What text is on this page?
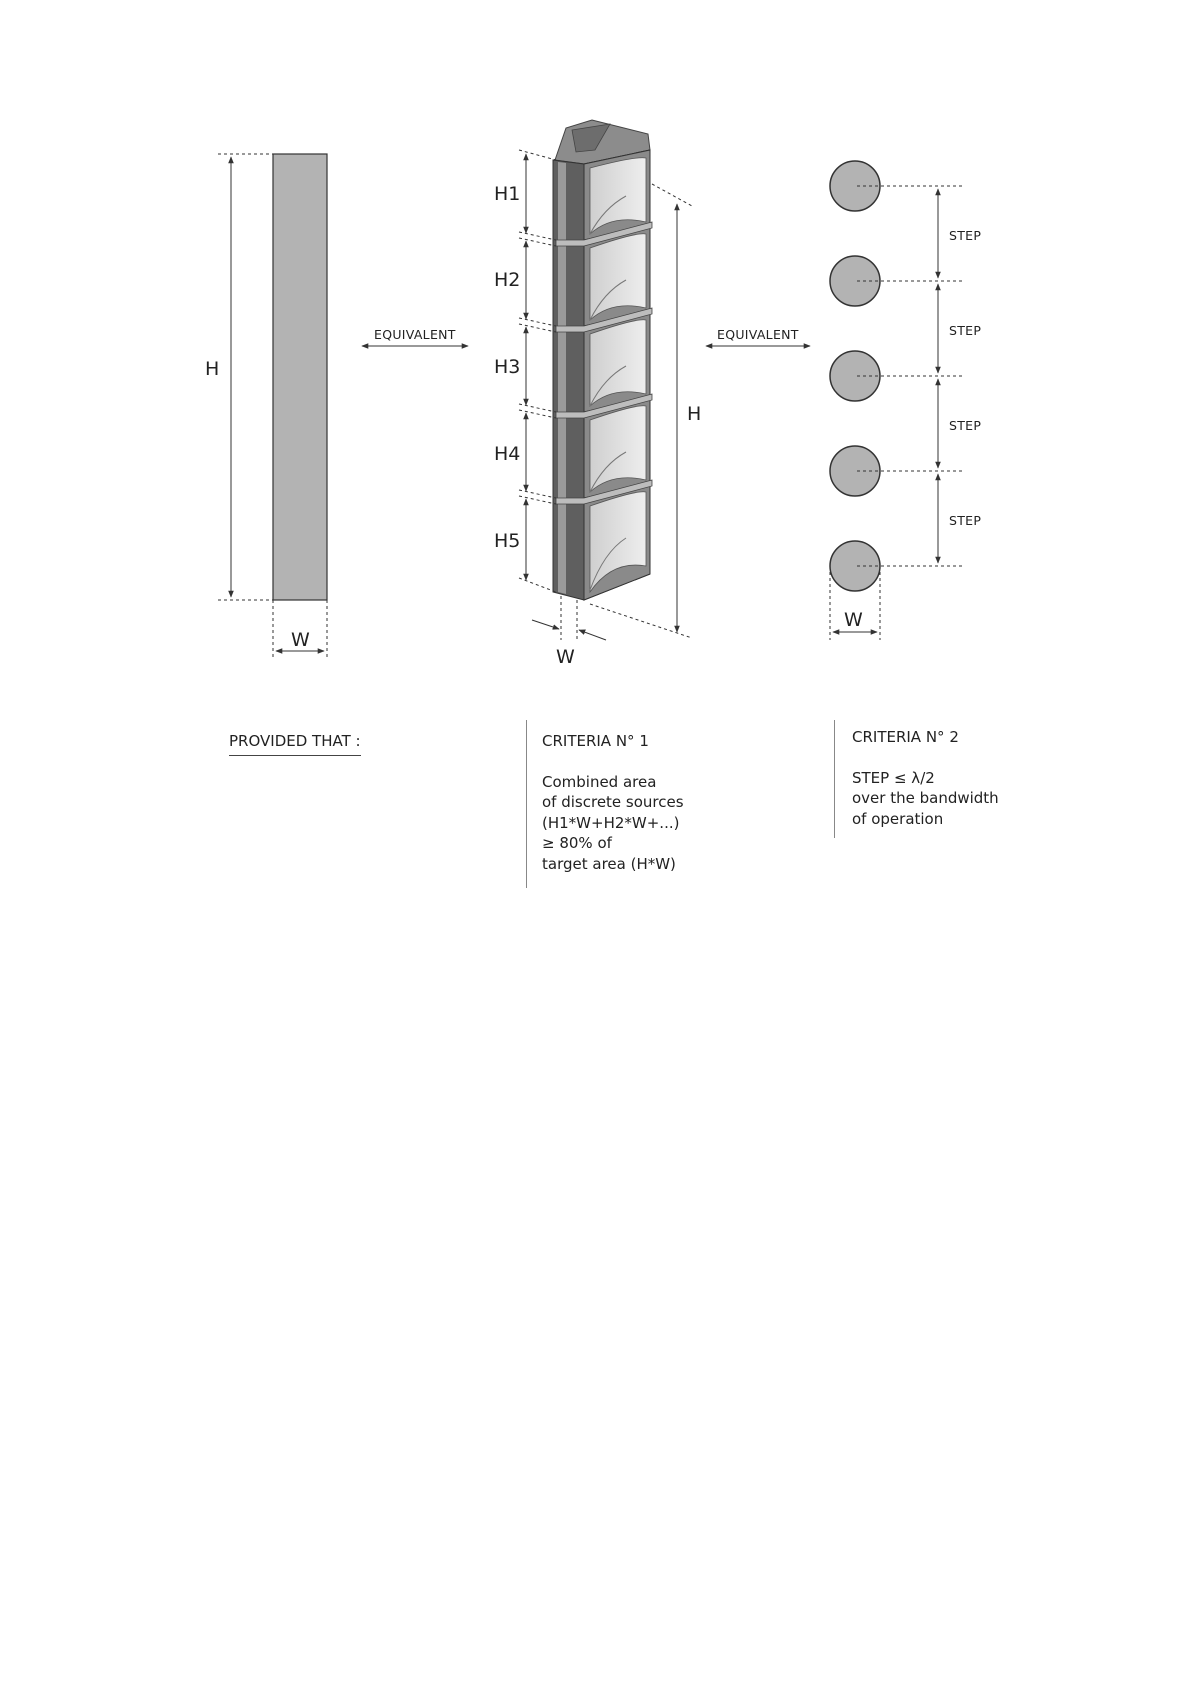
H
W
EQUIVALENT
H1
H2
H3
H4
H5
H
W
EQUIVALENT
STEP
STEP
STEP
STEP
W
PROVIDED THAT :	CRITERIA N° 1
Combined area
of discrete sources
(H1*W+H2*W+...)
≥ 80% of
target area (H*W)
CRITERIA N° 2
STEP ≤ λ/2
over the bandwidth
of operation
